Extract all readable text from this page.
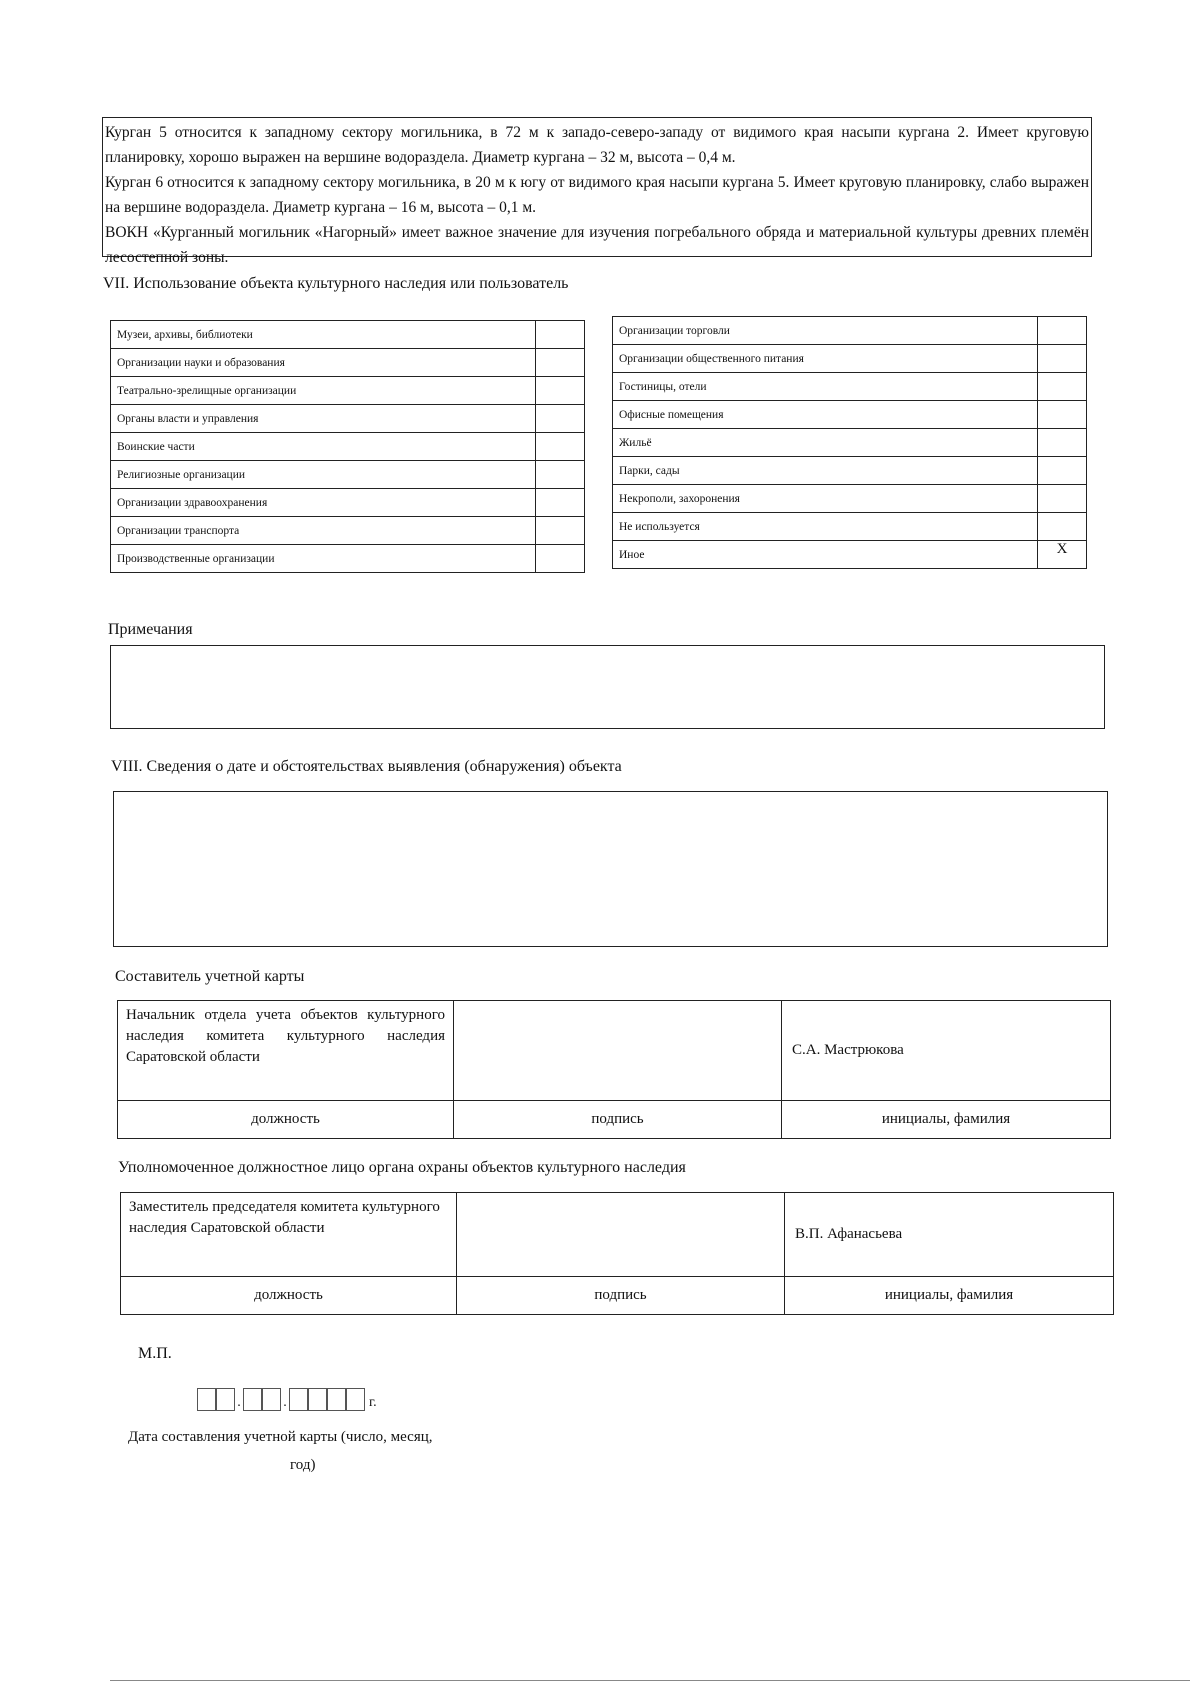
Курган 5 относится к западному сектору могильника, в 72 м к западо-северо-западу от видимого края насыпи кургана 2. Имеет круговую планировку, хорошо выражен на вершине водораздела. Диаметр кургана – 32 м, высота – 0,4 м.

Курган 6 относится к западному сектору могильника, в 20 м к югу от видимого края насыпи кургана 5. Имеет круговую планировку, слабо выражен на вершине водораздела. Диаметр кургана – 16 м, высота – 0,1 м.

ВОКН «Курганный могильник «Нагорный» имеет важное значение для изучения погребального обряда и материальной культуры древних племён лесостепной зоны.

VII. Использование объекта культурного наследия или пользователь
Музеи, архивы, библиотеки	
Организации науки и образования	
Театрально-зрелищные организации	
Органы власти и управления	
Воинские части	
Религиозные организации	
Организации здравоохранения	
Организации транспорта	
Производственные организации	
Организации торговли	
Организации общественного питания	
Гостиницы, отели	
Офисные помещения	
Жильё	
Парки, сады	
Некрополи, захоронения	
Не используется	
Иное	X
Примечания
VIII. Сведения о дате и обстоятельствах выявления (обнаружения) объекта
Составитель учетной карты
Начальник отдела учета объектов культурного наследия комитета культурного наследия Саратовской области		С.А. Мастрюкова
должность	подпись	инициалы, фамилия
Уполномоченное должностное лицо органа охраны объектов культурного наследия
Заместитель председателя комитета культурного наследия Саратовской области		В.П. Афанасьева
должность	подпись	инициалы, фамилия
М.П.
.	.	г.
Дата составления учетной карты (число, месяц,
год)
